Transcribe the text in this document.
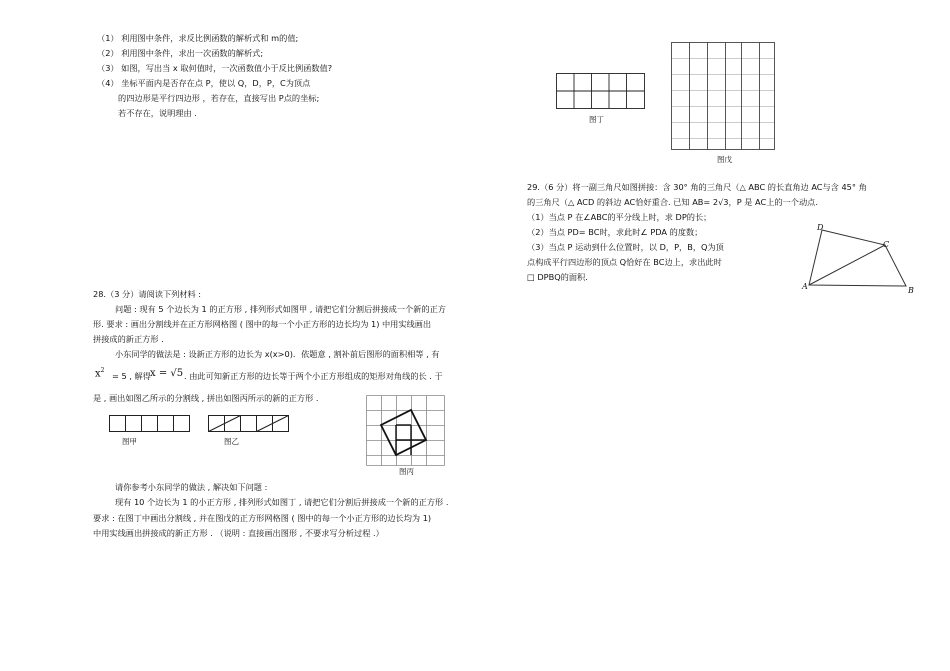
（1） 利用图中条件，求反比例函数的解析式和 m的值;
（2） 利用图中条件，求出一次函数的解析式;
（3） 如图，写出当 x 取何值时，一次函数值小于反比例函数值?
（4） 坐标平面内是否存在点 P，使以 Q，D，P，C为顶点
的四边形是平行四边形 ，若存在，直接写出 P点的坐标;
若不存在，说明理由 .
28.（3 分）请阅读下列材料 :
问题 : 现有 5 个边长为 1 的正方形 , 排列形式如图甲 , 请把它们分割后拼接成一个新的正方
形. 要求 : 画出分割线并在正方形网格图 ( 图中的每一个小正方形的边长均为 1) 中用实线画出
拼接成的新正方形 .
小东同学的做法是 : 设新正方形的边长为 x(x>0)．依题意 , 割补前后图形的面积相等 , 有
$x^2$
= 5 , 解得 x = √5 . 由此可知新正方形的边长等于两个小正方形组成的矩形对角线的长 . 于
是 , 画出如图乙所示的分割线 , 拼出如图丙所示的新的正方形 .
图甲	图乙
图丙
请你参考小东同学的做法 , 解决如下问题 :
现有 10 个边长为 1 的小正方形 , 排列形式如图丁 , 请把它们分割后拼接成一个新的正方形 .
要求 : 在图丁中画出分割线 , 并在图戊的正方形网格图 ( 图中的每一个小正方形的边长均为 1)
中用实线画出拼接成的新正方形 . （说明 : 直接画出图形 , 不要求写分析过程 .）
图丁
图戊
29.（6 分）将一副三角尺如图拼接：含 30° 角的三角尺（△ ABC 的长直角边 AC与含 45° 角
的三角尺（△ ACD 的斜边 AC恰好重合. 已知 AB= 2√3，P 是 AC上的一个动点.
（1）当点 P 在∠ABC的平分线上时，求 DP的长；
（2）当点 PD= BC时，求此时∠ PDA 的度数；
（3）当点 P 运动到什么位置时，以 D，P，B，Q为顶
点构成平行四边形的顶点 Q恰好在 BC边上，求出此时
□ DPBQ的面积.
D
C
A	B
